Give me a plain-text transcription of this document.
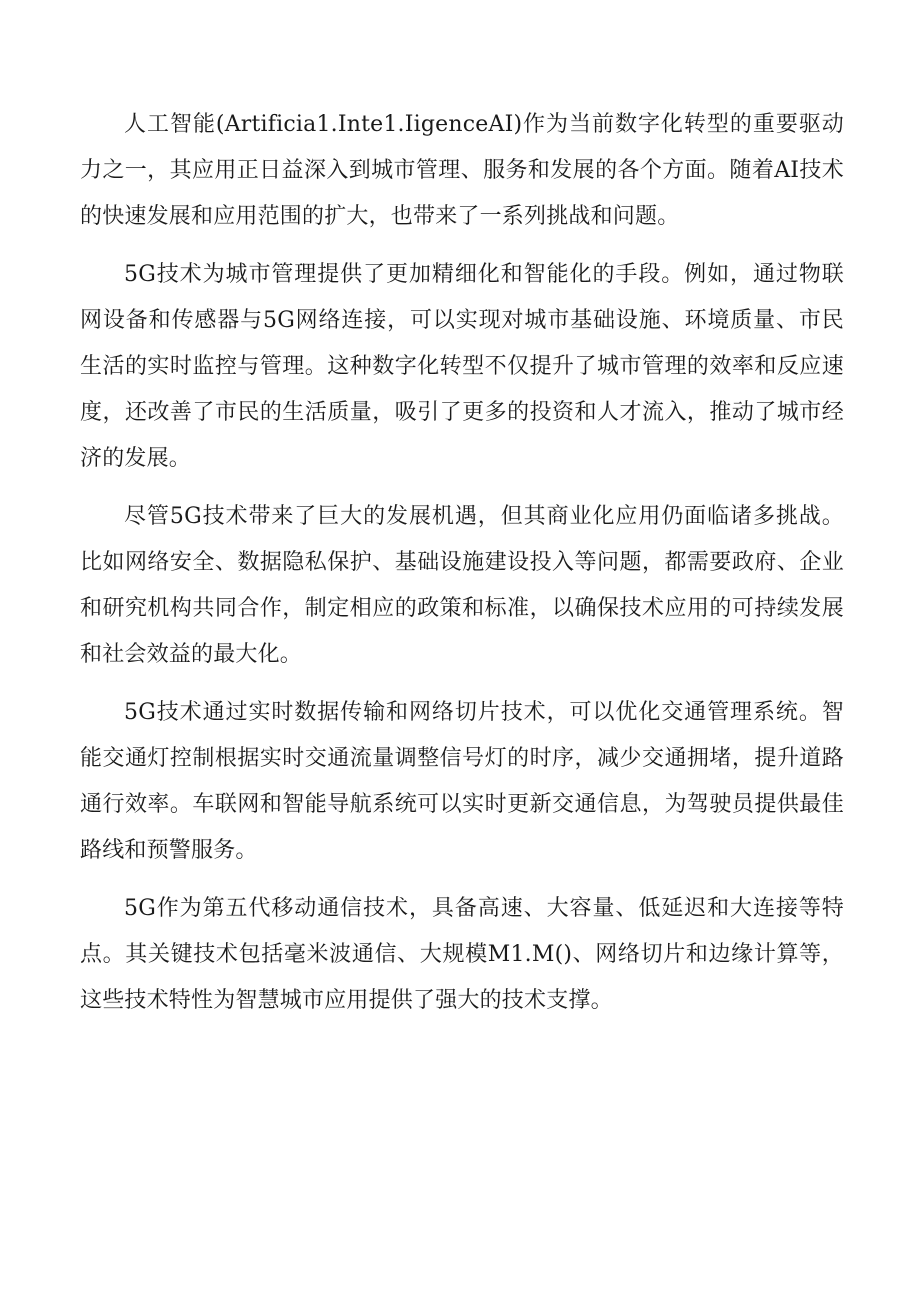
人工智能(Artificia1.Inte1.IigenceAI)作为当前数字化转型的重要驱动力之一，其应用正日益深入到城市管理、服务和发展的各个方面。随着AI技术的快速发展和应用范围的扩大，也带来了一系列挑战和问题。

5G技术为城市管理提供了更加精细化和智能化的手段。例如，通过物联网设备和传感器与5G网络连接，可以实现对城市基础设施、环境质量、市民生活的实时监控与管理。这种数字化转型不仅提升了城市管理的效率和反应速度，还改善了市民的生活质量，吸引了更多的投资和人才流入，推动了城市经济的发展。

尽管5G技术带来了巨大的发展机遇，但其商业化应用仍面临诸多挑战。比如网络安全、数据隐私保护、基础设施建设投入等问题，都需要政府、企业和研究机构共同合作，制定相应的政策和标准，以确保技术应用的可持续发展和社会效益的最大化。

5G技术通过实时数据传输和网络切片技术，可以优化交通管理系统。智能交通灯控制根据实时交通流量调整信号灯的时序，减少交通拥堵，提升道路通行效率。车联网和智能导航系统可以实时更新交通信息，为驾驶员提供最佳路线和预警服务。

5G作为第五代移动通信技术，具备高速、大容量、低延迟和大连接等特点。其关键技术包括毫米波通信、大规模M1.M()、网络切片和边缘计算等，这些技术特性为智慧城市应用提供了强大的技术支撑。
